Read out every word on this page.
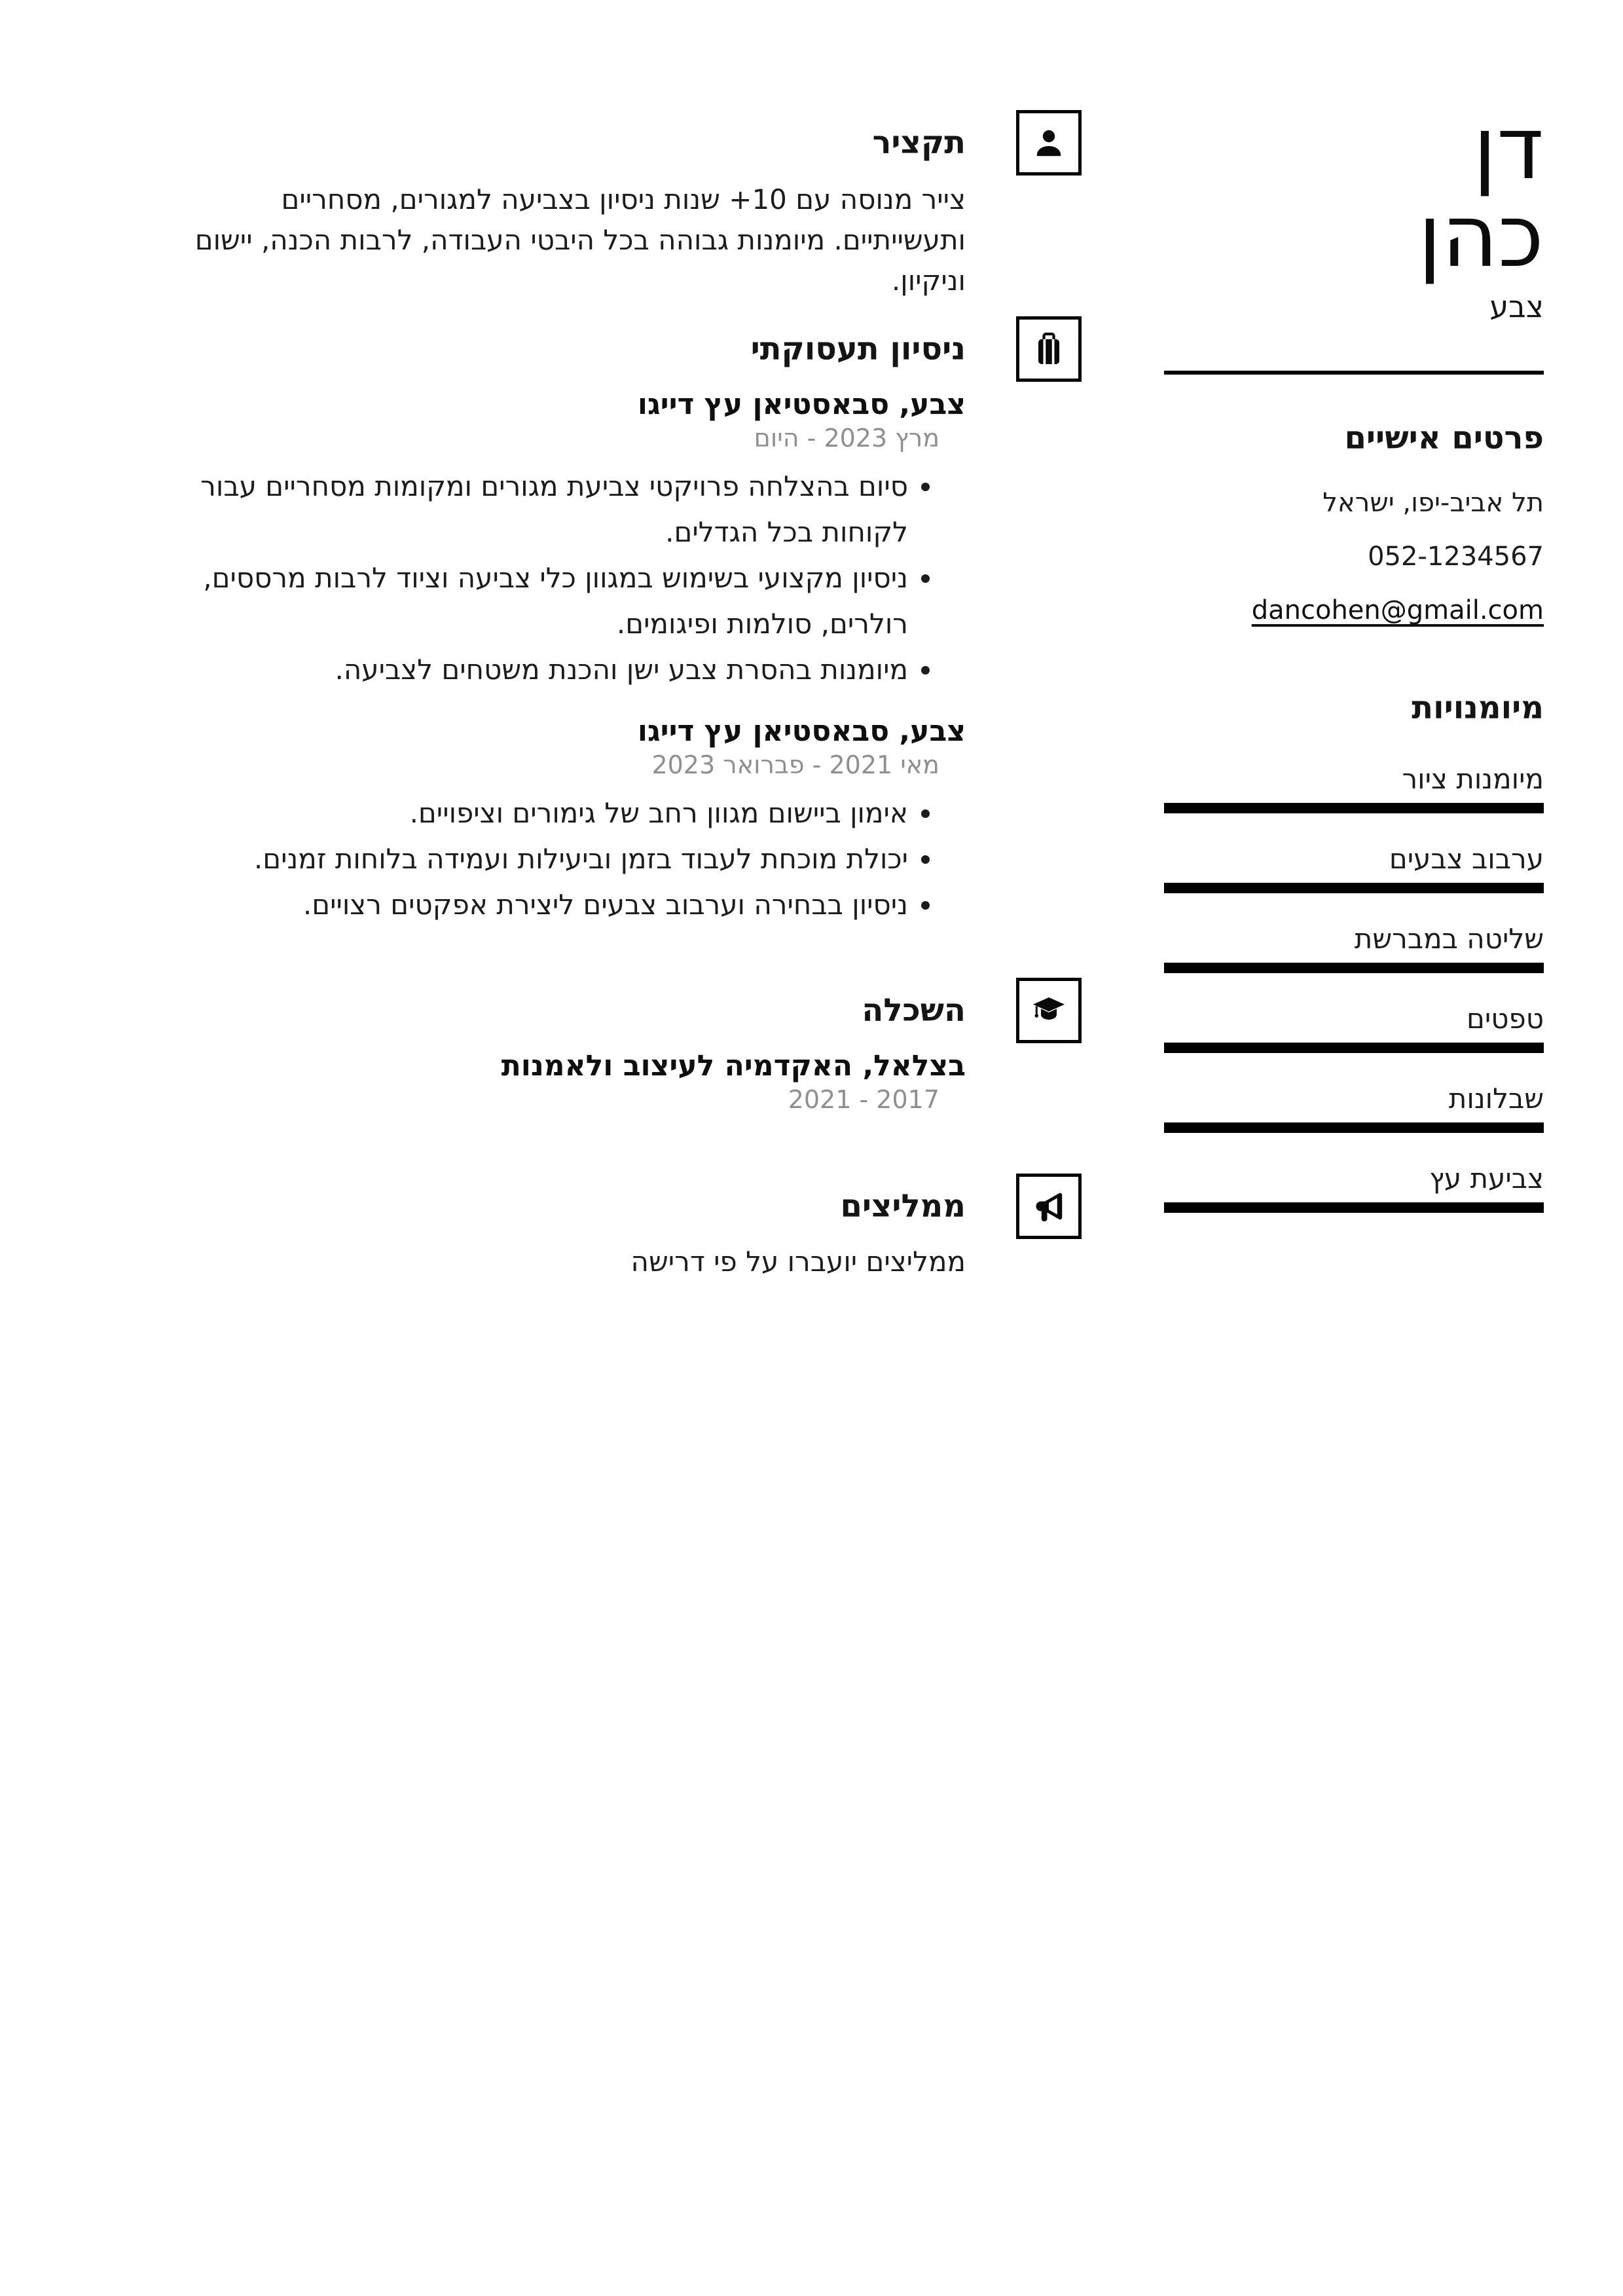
תקציר

צייר מנוסה עם 10+ שנות ניסיון בצביעה למגורים, מסחריים ותעשייתיים. מיומנות גבוהה בכל היבטי העבודה, לרבות הכנה, יישום וניקיון.

ניסיון תעסוקתי
צבע, סבאסטיאן עץ דייגו
מרץ 2023 - היום
• סיום בהצלחה פרויקטי צביעת מגורים ומקומות מסחריים עבור לקוחות בכל הגדלים.
• ניסיון מקצועי בשימוש במגוון כלי צביעה וציוד לרבות מרססים, רולרים, סולמות ופיגומים.
• מיומנות בהסרת צבע ישן והכנת משטחים לצביעה.
צבע, סבאסטיאן עץ דייגו
מאי 2021 - פברואר 2023
• אימון ביישום מגוון רחב של גימורים וציפויים.
• יכולת מוכחת לעבוד בזמן וביעילות ועמידה בלוחות זמנים.
• ניסיון בבחירה וערבוב צבעים ליצירת אפקטים רצויים.
השכלה
בצלאל, האקדמיה לעיצוב ולאמנות
2017 - 2021
ממליצים

ממליצים יועברו על פי דרישה

דן
כהן
צבע
פרטים אישיים
תל אביב-יפו, ישראל
052-1234567
dancohen@gmail.com
מיומנויות
מיומנות ציור
ערבוב צבעים
שליטה במברשת
טפטים
שבלונות
צביעת עץ
